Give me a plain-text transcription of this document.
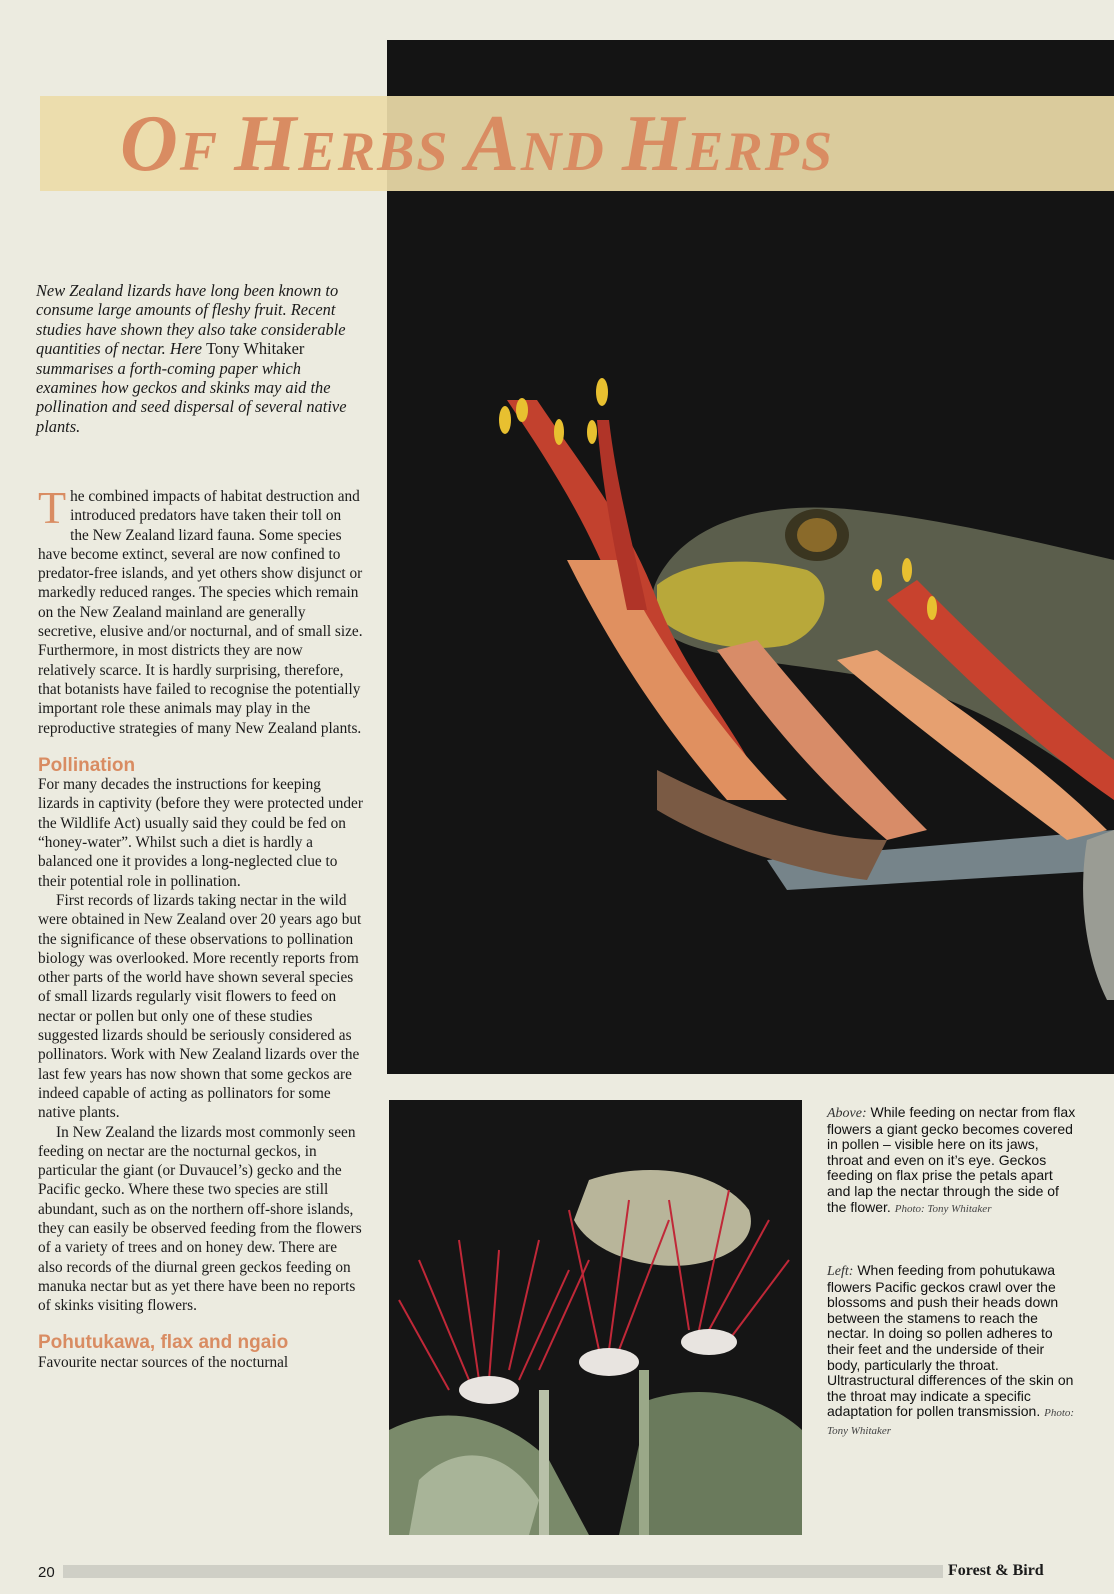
OF HERBS AND HERPS
New Zealand lizards have long been known to consume large amounts of fleshy fruit. Recent studies have shown they also take considerable quantities of nectar. Here Tony Whitaker summarises a forth-coming paper which examines how geckos and skinks may aid the pollination and seed dispersal of several native plants.

The combined impacts of habitat destruction and introduced predators have taken their toll on the New Zealand lizard fauna. Some species have become extinct, several are now confined to predator-free islands, and yet others show disjunct or markedly reduced ranges. The species which remain on the New Zealand mainland are generally secretive, elusive and/or nocturnal, and of small size. Furthermore, in most districts they are now relatively scarce. It is hardly surprising, therefore, that botanists have failed to recognise the potentially important role these animals may play in the reproductive strategies of many New Zealand plants.

Pollination

For many decades the instructions for keeping lizards in captivity (before they were protected under the Wildlife Act) usually said they could be fed on “honey-water”. Whilst such a diet is hardly a balanced one it provides a long-neglected clue to their potential role in pollination.

First records of lizards taking nectar in the wild were obtained in New Zealand over 20 years ago but the significance of these observations to pollination biology was overlooked. More recently reports from other parts of the world have shown several species of small lizards regularly visit flowers to feed on nectar or pollen but only one of these studies suggested lizards should be seriously considered as pollinators. Work with New Zealand lizards over the last few years has now shown that some geckos are indeed capable of acting as pollinators for some native plants.

In New Zealand the lizards most commonly seen feeding on nectar are the nocturnal geckos, in particular the giant (or Duvaucel’s) gecko and the Pacific gecko. Where these two species are still abundant, such as on the northern off-shore islands, they can easily be observed feeding from the flowers of a variety of trees and on honey dew. There are also records of the diurnal green geckos feeding on manuka nectar but as yet there have been no reports of skinks visiting flowers.

Pohutukawa, flax and ngaio

Favourite nectar sources of the nocturnal

Above: While feeding on nectar from flax flowers a giant gecko becomes covered in pollen – visible here on its jaws, throat and even on it’s eye. Geckos feeding on flax prise the petals apart and lap the nectar through the side of the flower. Photo: Tony Whitaker
Left: When feeding from pohutukawa flowers Pacific geckos crawl over the blossoms and push their heads down between the stamens to reach the nectar. In doing so pollen adheres to their feet and the underside of their body, particularly the throat. Ultrastructural differences of the skin on the throat may indicate a specific adaptation for pollen transmission. Photo: Tony Whitaker
20	Forest & Bird
